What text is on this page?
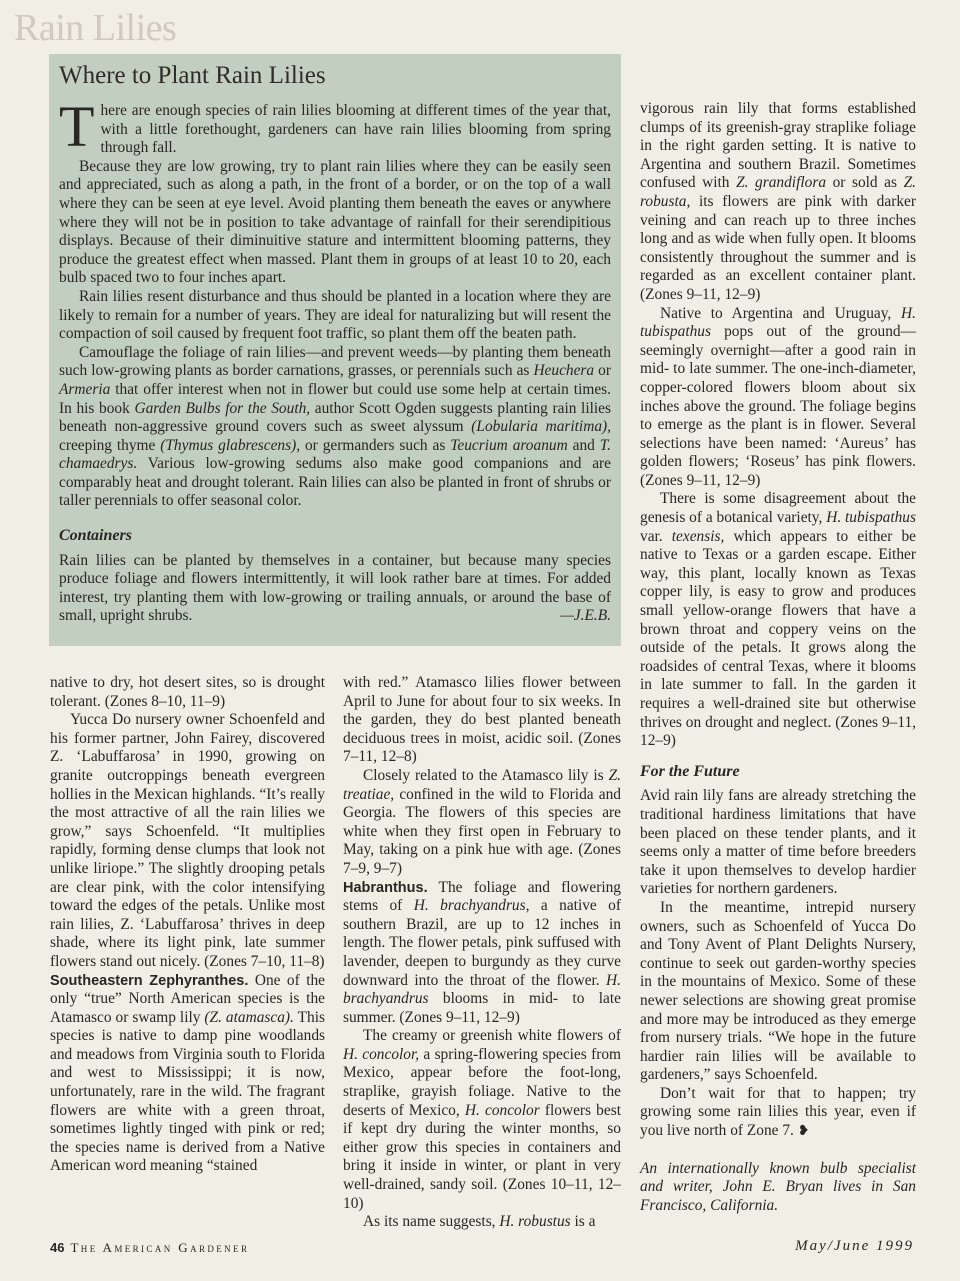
Rain Lilies
Where to Plant Rain Lilies

There are enough species of rain lilies blooming at different times of the year that, with a little forethought, gardeners can have rain lilies blooming from spring through fall.

Because they are low growing, try to plant rain lilies where they can be easily seen and appreciated, such as along a path, in the front of a border, or on the top of a wall where they can be seen at eye level. Avoid planting them beneath the eaves or anywhere where they will not be in position to take advantage of rainfall for their serendipitious displays. Because of their diminuitive stature and intermittent blooming patterns, they produce the greatest effect when massed. Plant them in groups of at least 10 to 20, each bulb spaced two to four inches apart.

Rain lilies resent disturbance and thus should be planted in a location where they are likely to remain for a number of years. They are ideal for naturalizing but will resent the compaction of soil caused by frequent foot traffic, so plant them off the beaten path.

Camouflage the foliage of rain lilies—and prevent weeds—by planting them beneath such low-growing plants as border carnations, grasses, or perennials such as Heuchera or Armeria that offer interest when not in flower but could use some help at certain times. In his book Garden Bulbs for the South, author Scott Ogden suggests planting rain lilies beneath non-aggressive ground covers such as sweet alyssum (Lobularia maritima), creeping thyme (Thymus glabrescens), or germanders such as Teucrium aroanum and T. chamaedrys. Various low-growing sedums also make good companions and are comparably heat and drought tolerant. Rain lilies can also be planted in front of shrubs or taller perennials to offer seasonal color.

Containers

Rain lilies can be planted by themselves in a container, but because many species produce foliage and flowers intermittently, it will look rather bare at times. For added interest, try planting them with low-growing or trailing annuals, or around the base of small, upright shrubs.	—J.E.B.

native to dry, hot desert sites, so is drought tolerant. (Zones 8–10, 11–9)

Yucca Do nursery owner Schoenfeld and his former partner, John Fairey, discovered Z. ‘Labuffarosa’ in 1990, growing on granite outcroppings beneath evergreen hollies in the Mexican highlands. “It’s really the most attractive of all the rain lilies we grow,” says Schoenfeld. “It multiplies rapidly, forming dense clumps that look not unlike liriope.” The slightly drooping petals are clear pink, with the color intensifying toward the edges of the petals. Unlike most rain lilies, Z. ‘Labuffarosa’ thrives in deep shade, where its light pink, late summer flowers stand out nicely. (Zones 7–10, 11–8)

Southeastern Zephyranthes. One of the only “true” North American species is the Atamasco or swamp lily (Z. atamasca). This species is native to damp pine woodlands and meadows from Virginia south to Florida and west to Mississippi; it is now, unfortunately, rare in the wild. The fragrant flowers are white with a green throat, sometimes lightly tinged with pink or red; the species name is derived from a Native American word meaning “stained

with red.” Atamasco lilies flower between April to June for about four to six weeks. In the garden, they do best planted beneath deciduous trees in moist, acidic soil. (Zones 7–11, 12–8)

Closely related to the Atamasco lily is Z. treatiae, confined in the wild to Florida and Georgia. The flowers of this species are white when they first open in February to May, taking on a pink hue with age. (Zones 7–9, 9–7)

Habranthus. The foliage and flowering stems of H. brachyandrus, a native of southern Brazil, are up to 12 inches in length. The flower petals, pink suffused with lavender, deepen to burgundy as they curve downward into the throat of the flower. H. brachyandrus blooms in mid- to late summer. (Zones 9–11, 12–9)

The creamy or greenish white flowers of H. concolor, a spring-flowering species from Mexico, appear before the foot-long, straplike, grayish foliage. Native to the deserts of Mexico, H. concolor flowers best if kept dry during the winter months, so either grow this species in containers and bring it inside in winter, or plant in very well-drained, sandy soil. (Zones 10–11, 12–10)

As its name suggests, H. robustus is a

vigorous rain lily that forms established clumps of its greenish-gray straplike foliage in the right garden setting. It is native to Argentina and southern Brazil. Sometimes confused with Z. grandiflora or sold as Z. robusta, its flowers are pink with darker veining and can reach up to three inches long and as wide when fully open. It blooms consistently throughout the summer and is regarded as an excellent container plant. (Zones 9–11, 12–9)

Native to Argentina and Uruguay, H. tubispathus pops out of the ground—seemingly overnight—after a good rain in mid- to late summer. The one-inch-diameter, copper-colored flowers bloom about six inches above the ground. The foliage begins to emerge as the plant is in flower. Several selections have been named: ‘Aureus’ has golden flowers; ‘Roseus’ has pink flowers. (Zones 9–11, 12–9)

There is some disagreement about the genesis of a botanical variety, H. tubispathus var. texensis, which appears to either be native to Texas or a garden escape. Either way, this plant, locally known as Texas copper lily, is easy to grow and produces small yellow-orange flowers that have a brown throat and coppery veins on the outside of the petals. It grows along the roadsides of central Texas, where it blooms in late summer to fall. In the garden it requires a well-drained site but otherwise thrives on drought and neglect. (Zones 9–11, 12–9)

For the Future

Avid rain lily fans are already stretching the traditional hardiness limitations that have been placed on these tender plants, and it seems only a matter of time before breeders take it upon themselves to develop hardier varieties for northern gardeners.

In the meantime, intrepid nursery owners, such as Schoenfeld of Yucca Do and Tony Avent of Plant Delights Nursery, continue to seek out garden-worthy species in the mountains of Mexico. Some of these newer selections are showing great promise and more may be introduced as they emerge from nursery trials. “We hope in the future hardier rain lilies will be available to gardeners,” says Schoenfeld.

Don’t wait for that to happen; try growing some rain lilies this year, even if you live north of Zone 7. ❥

An internationally known bulb specialist and writer, John E. Bryan lives in San Francisco, California.

46 The American Gardener	May/June 1999
